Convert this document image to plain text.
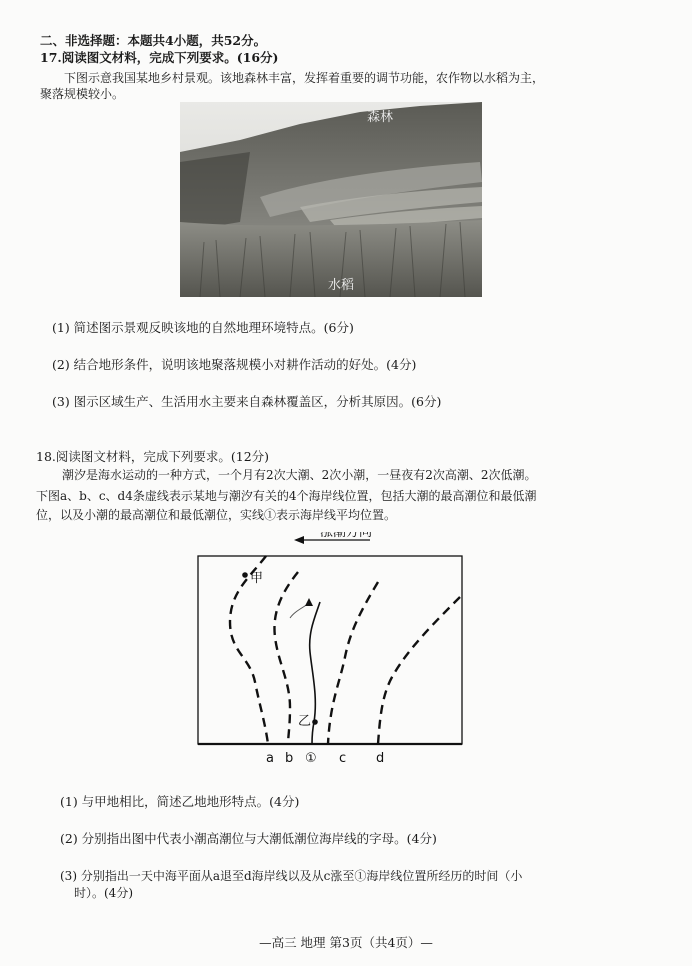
二、非选择题：本题共4小题，共52分。
17.阅读图文材料，完成下列要求。(16分)
下图示意我国某地乡村景观。该地森林丰富，发挥着重要的调节功能，农作物以水稻为主，
聚落规模较小。
森林
水稻
(1) 简述图示景观反映该地的自然地理环境特点。(6分)
(2) 结合地形条件，说明该地聚落规模小对耕作活动的好处。(4分)
(3) 图示区域生产、生活用水主要来自森林覆盖区，分析其原因。(6分)
18.阅读图文材料，完成下列要求。(12分)
潮汐是海水运动的一种方式，一个月有2次大潮、2次小潮，一昼夜有2次高潮、2次低潮。
下图a、b、c、d4条虚线表示某地与潮汐有关的4个海岸线位置，包括大潮的最高潮位和最低潮
位，以及小潮的最高潮位和最低潮位，实线①表示海岸线平均位置。
涨潮方向
甲
乙
a b ① c d
(1) 与甲地相比，简述乙地地形特点。(4分)
(2) 分别指出图中代表小潮高潮位与大潮低潮位海岸线的字母。(4分)
(3) 分别指出一天中海平面从a退至d海岸线以及从c涨至①海岸线位置所经历的时间（小
时）。(4分)
—高三 地理 第3页（共4页）—
